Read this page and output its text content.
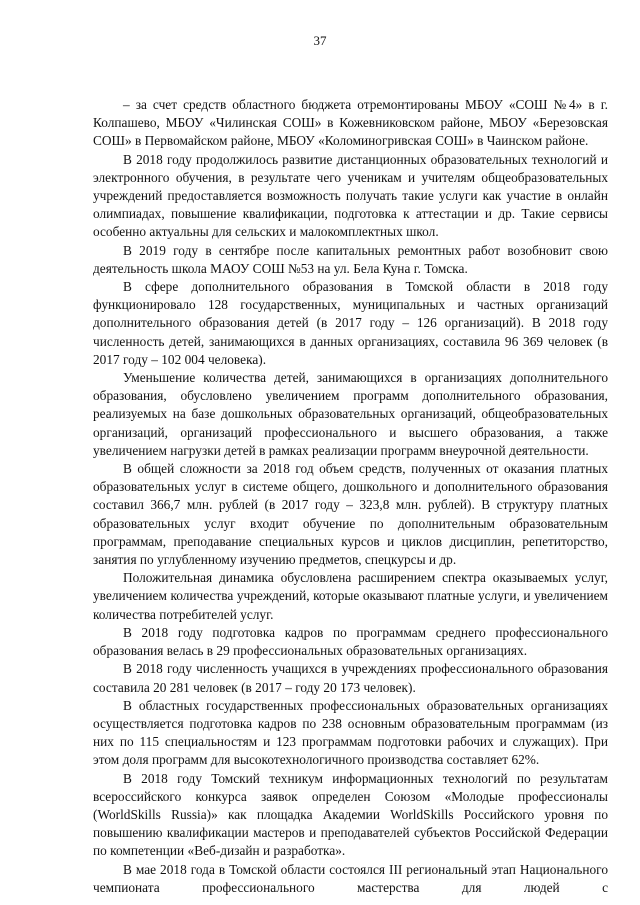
37

– за счет средств областного бюджета отремонтированы МБОУ «СОШ №4» в г. Колпашево, МБОУ «Чилинская СОШ» в Кожевниковском районе, МБОУ «Березовская СОШ» в Первомайском районе, МБОУ «Коломиногривская СОШ» в Чаинском районе.

В 2018 году продолжилось развитие дистанционных образовательных технологий и электронного обучения, в результате чего ученикам и учителям общеобразовательных учреждений предоставляется возможность получать такие услуги как участие в онлайн олимпиадах, повышение квалификации, подготовка к аттестации и др. Такие сервисы особенно актуальны для сельских и малокомплектных школ.

В 2019 году в сентябре после капитальных ремонтных работ возобновит свою деятельность школа МАОУ СОШ №53 на ул. Бела Куна г. Томска.

В сфере дополнительного образования в Томской области в 2018 году функционировало 128 государственных, муниципальных и частных организаций дополнительного образования детей (в 2017 году – 126 организаций). В 2018 году численность детей, занимающихся в данных организациях, составила 96 369 человек (в 2017 году – 102 004 человека).

Уменьшение количества детей, занимающихся в организациях дополнительного образования, обусловлено увеличением программ дополнительного образования, реализуемых на базе дошкольных образовательных организаций, общеобразовательных организаций, организаций профессионального и высшего образования, а также увеличением нагрузки детей в рамках реализации программ внеурочной деятельности.

В общей сложности за 2018 год объем средств, полученных от оказания платных образовательных услуг в системе общего, дошкольного и дополнительного образования составил 366,7 млн. рублей (в 2017 году – 323,8 млн. рублей). В структуру платных образовательных услуг входит обучение по дополнительным образовательным программам, преподавание специальных курсов и циклов дисциплин, репетиторство, занятия по углубленному изучению предметов, спецкурсы и др.

Положительная динамика обусловлена расширением спектра оказываемых услуг, увеличением количества учреждений, которые оказывают платные услуги, и увеличением количества потребителей услуг.

В 2018 году подготовка кадров по программам среднего профессионального образования велась в 29 профессиональных образовательных организациях.

В 2018 году численность учащихся в учреждениях профессионального образования составила 20 281 человек (в 2017 – году 20 173 человек).

В областных государственных профессиональных образовательных организациях осуществляется подготовка кадров по 238 основным образовательным программам (из них по 115 специальностям и 123 программам подготовки рабочих и служащих). При этом доля программ для высокотехнологичного производства составляет 62%.

В 2018 году Томский техникум информационных технологий по результатам всероссийского конкурса заявок определен Союзом «Молодые профессионалы (WorldSkills Russia)» как площадка Академии WorldSkills Российского уровня по повышению квалификации мастеров и преподавателей субъектов Российской Федерации по компетенции «Веб-дизайн и разработка».

В мае 2018 года в Томской области состоялся III региональный этап Национального чемпионата профессионального мастерства для людей с
